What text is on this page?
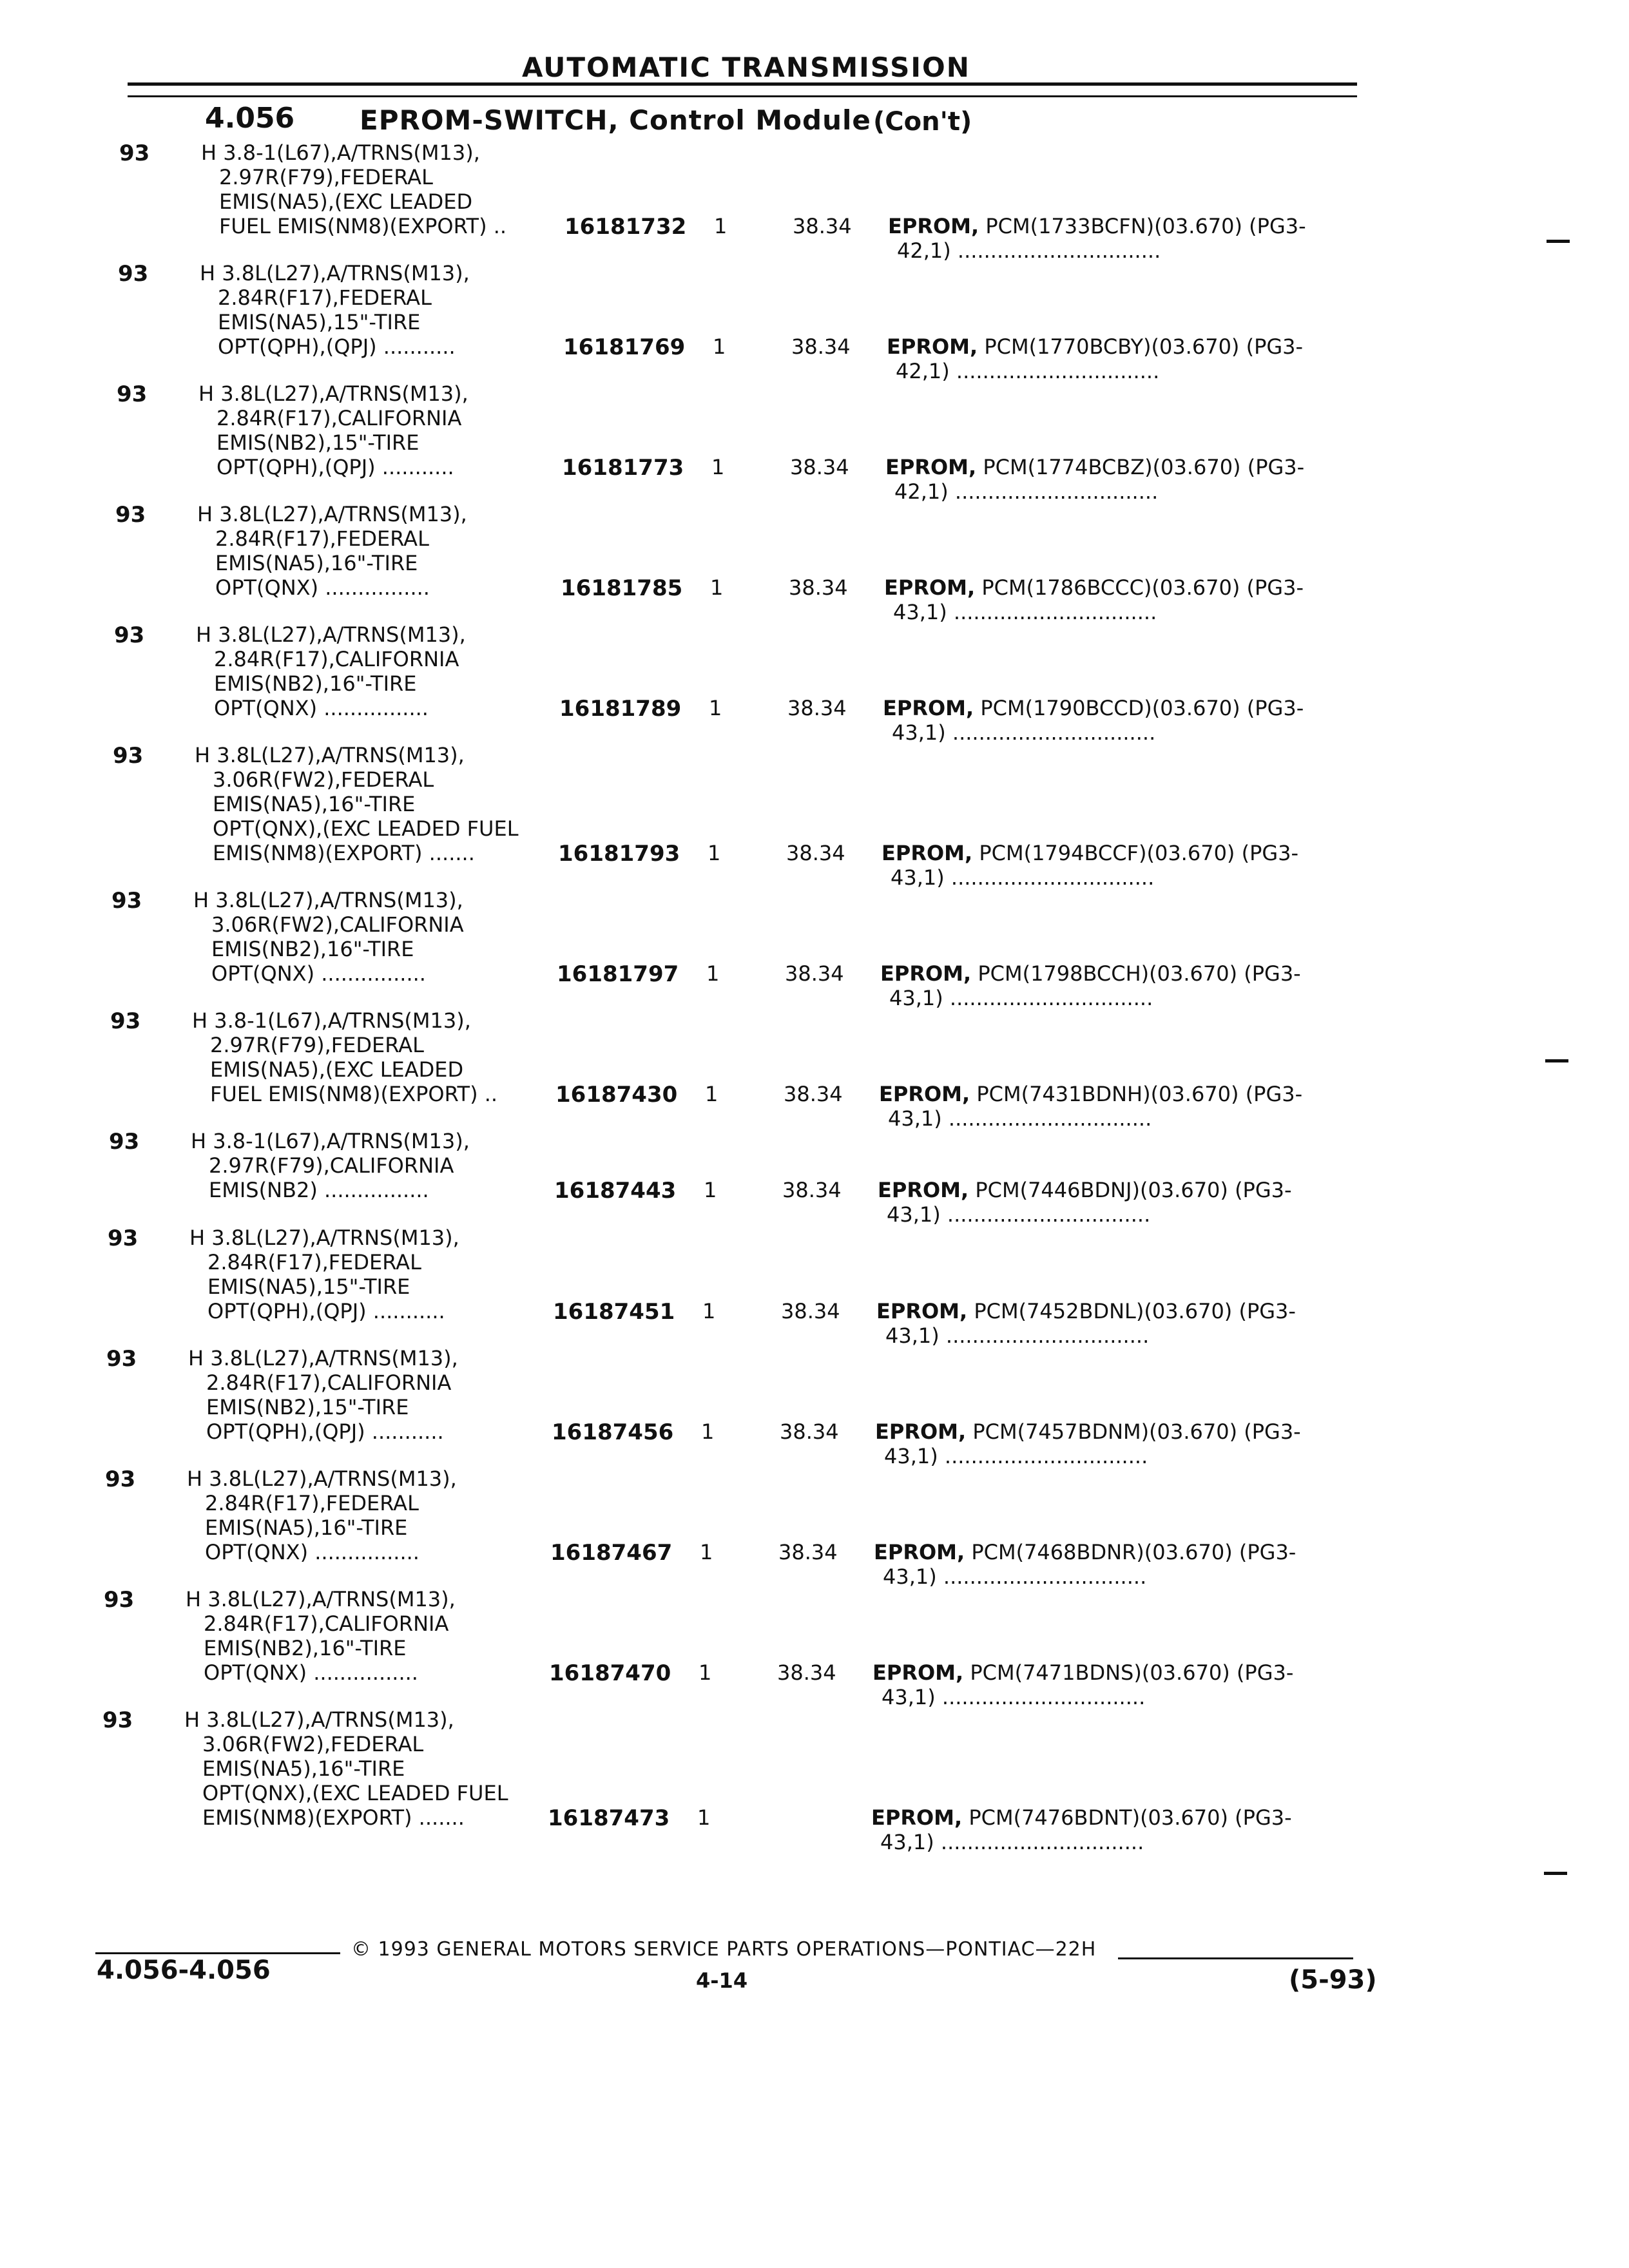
AUTOMATIC TRANSMISSION
4.056 EPROM-SWITCH, Control Module (Con't)
93	H 3.8-1(L67),A/TRNS(M13),
2.97R(F79),FEDERAL
EMIS(NA5),(EXC LEADED
FUEL EMIS(NM8)(EXPORT) ..	16181732 1	38.34 EPROM, PCM(1733BCFN)(03.670) (PG3-
42,1) ...............................
93	H 3.8L(L27),A/TRNS(M13),
2.84R(F17),FEDERAL
EMIS(NA5),15"-TIRE
OPT(QPH),(QPJ) ...........	16181769 1	38.34 EPROM, PCM(1770BCBY)(03.670) (PG3-
42,1) ...............................
93	H 3.8L(L27),A/TRNS(M13),
2.84R(F17),CALIFORNIA
EMIS(NB2),15"-TIRE
OPT(QPH),(QPJ) ...........	16181773 1	38.34 EPROM, PCM(1774BCBZ)(03.670) (PG3-
42,1) ...............................
93	H 3.8L(L27),A/TRNS(M13),
2.84R(F17),FEDERAL
EMIS(NA5),16"-TIRE
OPT(QNX) ................	16181785 1	38.34 EPROM, PCM(1786BCCC)(03.670) (PG3-
43,1) ...............................
93	H 3.8L(L27),A/TRNS(M13),
2.84R(F17),CALIFORNIA
EMIS(NB2),16"-TIRE
OPT(QNX) ................	16181789 1	38.34 EPROM, PCM(1790BCCD)(03.670) (PG3-
43,1) ...............................
93	H 3.8L(L27),A/TRNS(M13),
3.06R(FW2),FEDERAL
EMIS(NA5),16"-TIRE
OPT(QNX),(EXC LEADED FUEL
EMIS(NM8)(EXPORT) .......	16181793 1	38.34 EPROM, PCM(1794BCCF)(03.670) (PG3-
43,1) ...............................
93	H 3.8L(L27),A/TRNS(M13),
3.06R(FW2),CALIFORNIA
EMIS(NB2),16"-TIRE
OPT(QNX) ................	16181797 1	38.34 EPROM, PCM(1798BCCH)(03.670) (PG3-
43,1) ...............................
93	H 3.8-1(L67),A/TRNS(M13),
2.97R(F79),FEDERAL
EMIS(NA5),(EXC LEADED
FUEL EMIS(NM8)(EXPORT) ..	16187430 1	38.34 EPROM, PCM(7431BDNH)(03.670) (PG3-
43,1) ...............................
93	H 3.8-1(L67),A/TRNS(M13),
2.97R(F79),CALIFORNIA
EMIS(NB2) ................	16187443 1	38.34 EPROM, PCM(7446BDNJ)(03.670) (PG3-
43,1) ...............................
93	H 3.8L(L27),A/TRNS(M13),
2.84R(F17),FEDERAL
EMIS(NA5),15"-TIRE
OPT(QPH),(QPJ) ...........	16187451 1	38.34 EPROM, PCM(7452BDNL)(03.670) (PG3-
43,1) ...............................
93	H 3.8L(L27),A/TRNS(M13),
2.84R(F17),CALIFORNIA
EMIS(NB2),15"-TIRE
OPT(QPH),(QPJ) ...........	16187456 1	38.34 EPROM, PCM(7457BDNM)(03.670) (PG3-
43,1) ...............................
93	H 3.8L(L27),A/TRNS(M13),
2.84R(F17),FEDERAL
EMIS(NA5),16"-TIRE
OPT(QNX) ................	16187467 1	38.34 EPROM, PCM(7468BDNR)(03.670) (PG3-
43,1) ...............................
93	H 3.8L(L27),A/TRNS(M13),
2.84R(F17),CALIFORNIA
EMIS(NB2),16"-TIRE
OPT(QNX) ................	16187470 1	38.34 EPROM, PCM(7471BDNS)(03.670) (PG3-
43,1) ...............................
93	H 3.8L(L27),A/TRNS(M13),
3.06R(FW2),FEDERAL
EMIS(NA5),16"-TIRE
OPT(QNX),(EXC LEADED FUEL
EMIS(NM8)(EXPORT) .......	16187473 1	EPROM, PCM(7476BDNT)(03.670) (PG3-
43,1) ...............................
© 1993 GENERAL MOTORS SERVICE PARTS OPERATIONS—PONTIAC—22H
4.056-4.056	4-14	(5-93)
